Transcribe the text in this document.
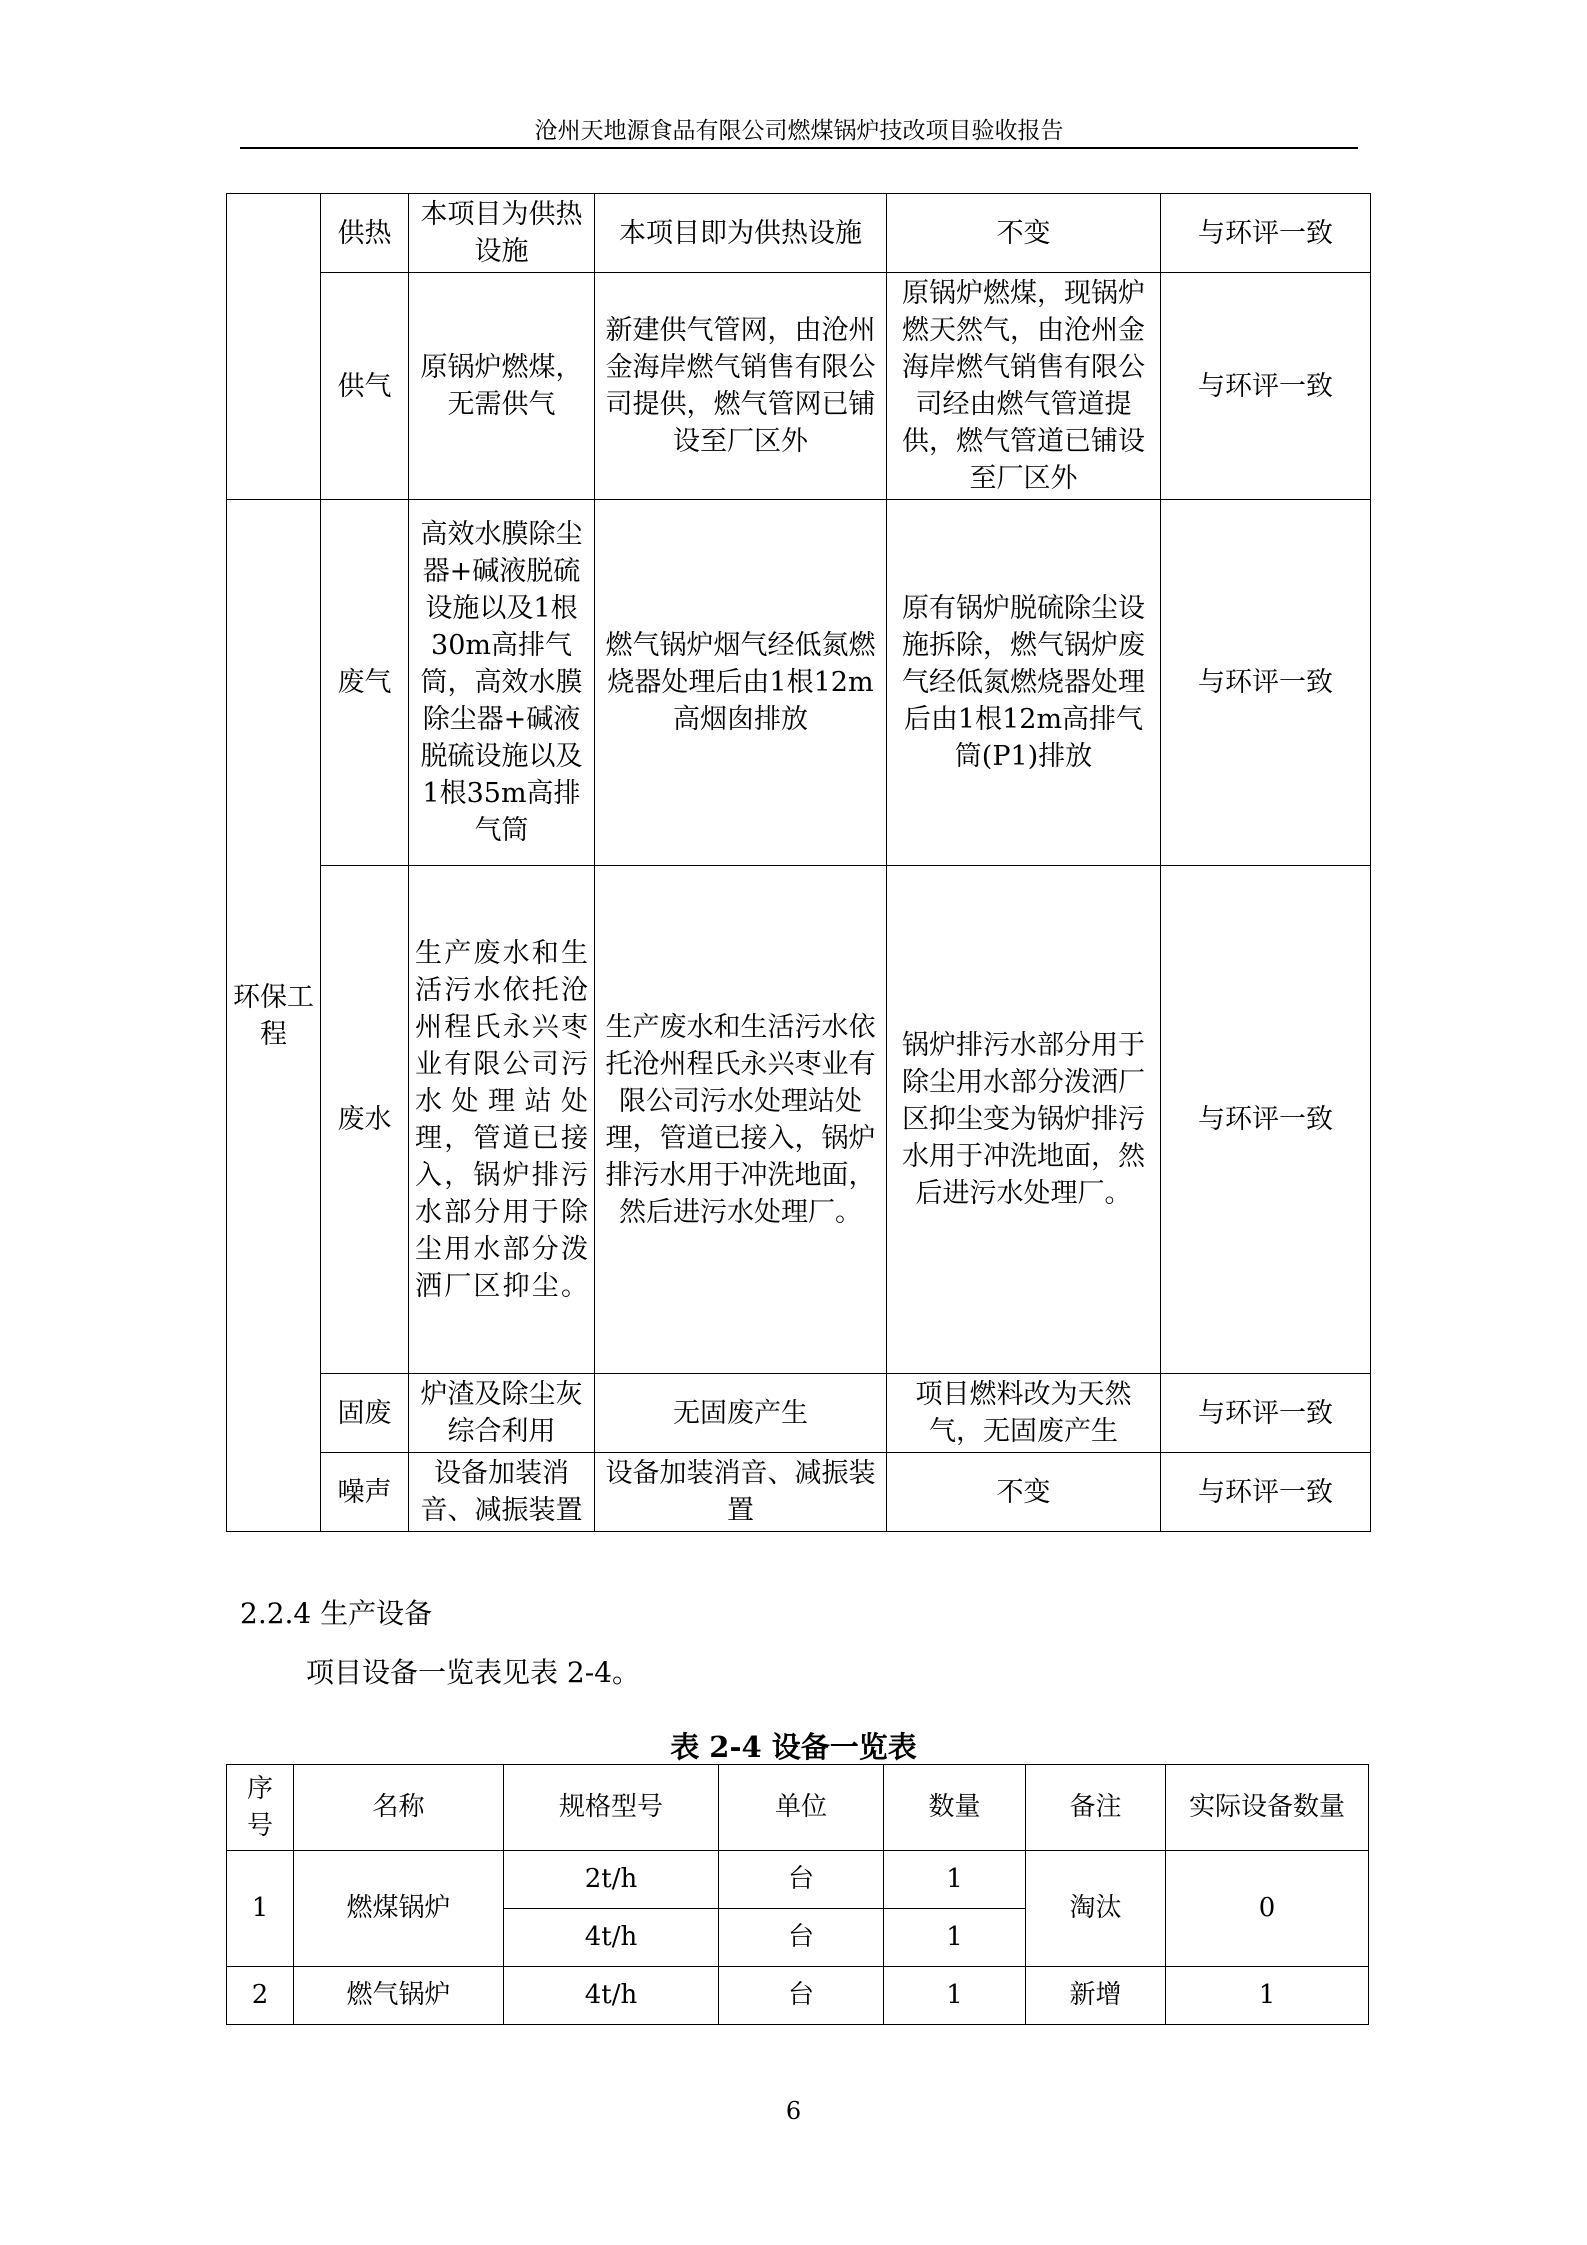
沧州天地源食品有限公司燃煤锅炉技改项目验收报告
	供热	本项目为供热设施	本项目即为供热设施	不变	与环评一致
	供气	原锅炉燃煤，无需供气	新建供气管网，由沧州金海岸燃气销售有限公司提供，燃气管网已铺设至厂区外	原锅炉燃煤，现锅炉燃天然气，由沧州金海岸燃气销售有限公司经由燃气管道提供，燃气管道已铺设至厂区外	与环评一致
环保工程	废气	高效水膜除尘器+碱液脱硫设施以及1根30m高排气筒，高效水膜除尘器+碱液脱硫设施以及1根35m高排气筒	燃气锅炉烟气经低氮燃烧器处理后由1根12m高烟囱排放	原有锅炉脱硫除尘设施拆除，燃气锅炉废气经低氮燃烧器处理后由1根12m高排气筒(P1)排放	与环评一致
	废水	生产废水和生活污水依托沧州程氏永兴枣业有限公司污水处理站处理，管道已接入，锅炉排污水部分用于除尘用水部分泼洒厂区抑尘。	生产废水和生活污水依托沧州程氏永兴枣业有限公司污水处理站处理，管道已接入，锅炉排污水用于冲洗地面，然后进污水处理厂。	锅炉排污水部分用于除尘用水部分泼洒厂区抑尘变为锅炉排污水用于冲洗地面，然后进污水处理厂。	与环评一致
	固废	炉渣及除尘灰综合利用	无固废产生	项目燃料改为天然气，无固废产生	与环评一致
	噪声	设备加装消音、减振装置	设备加装消音、减振装置	不变	与环评一致
2.2.4 生产设备
项目设备一览表见表 2-4。
表 2-4 设备一览表
序号	名称	规格型号	单位	数量	备注	实际设备数量
1	燃煤锅炉	2t/h	台	1	淘汰	0
		4t/h	台	1		
2	燃气锅炉	4t/h	台	1	新增	1
6
